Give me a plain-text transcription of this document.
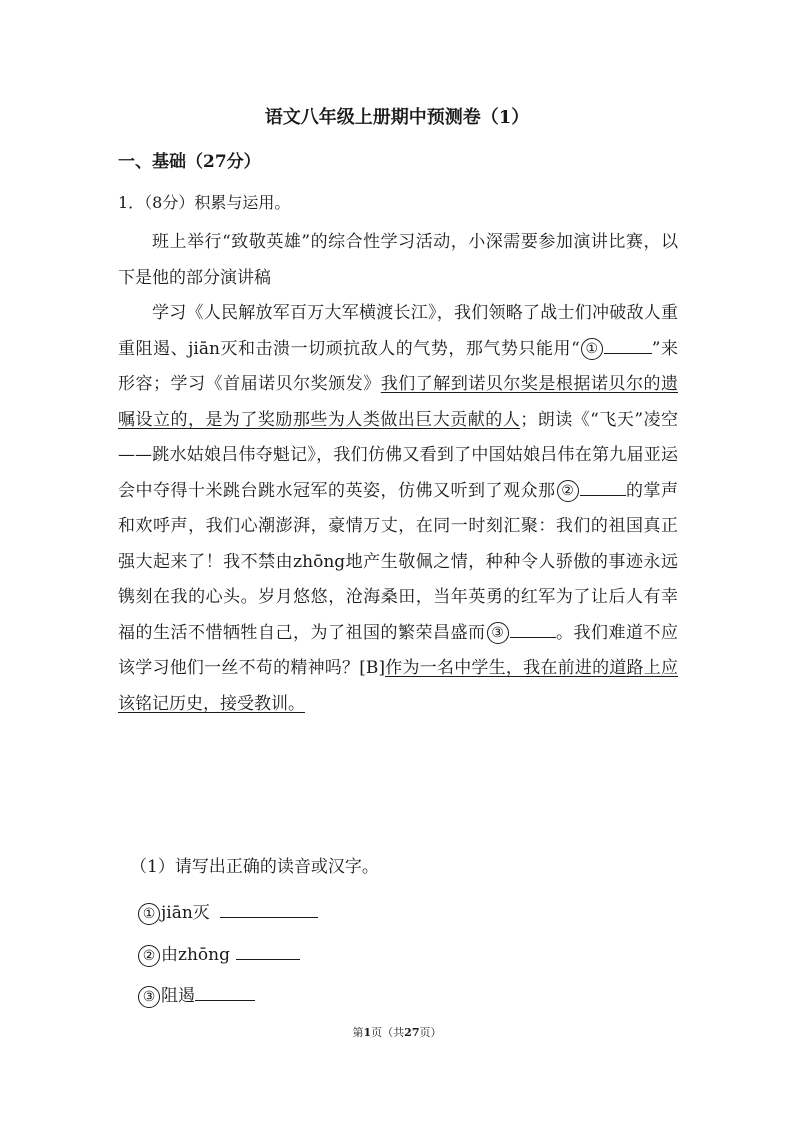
语文八年级上册期中预测卷（1）
一、基础（27分）
1．（8分）积累与运用。

班上举行“致敬英雄”的综合性学习活动，小深需要参加演讲比赛，以下是他的部分演讲稿

学习《人民解放军百万大军横渡长江》，我们领略了战士们冲破敌人重重阻遏、jiān灭和击溃一切顽抗敌人的气势，那气势只能用“ ①	”来形容；学习《首届诺贝尔奖颁发》我们了解到诺贝尔奖是根据诺贝尔的遗嘱设立的，是为了奖励那些为人类做出巨大贡献的人；朗读《“飞天”凌空——跳水姑娘吕伟夺魁记》，我们仿佛又看到了中国姑娘吕伟在第九届亚运会中夺得十米跳台跳水冠军的英姿，仿佛又听到了观众那 ②	的掌声和欢呼声，我们心潮澎湃，豪情万丈，在同一时刻汇聚：我们的祖国真正强大起来了！我不禁由zhōng地产生敬佩之情，种种令人骄傲的事迹永远镌刻在我的心头。岁月悠悠，沧海桑田，当年英勇的红军为了让后人有幸福的生活不惜牺牲自己，为了祖国的繁荣昌盛而 ③	。我们难道不应该学习他们一丝不苟的精神吗？[B]作为一名中学生，我在前进的道路上应该铭记历史，接受教训。

（1）请写出正确的读音或汉字。
① jiān灭
② 由zhōng
③ 阻遏
第1页（共27页）
